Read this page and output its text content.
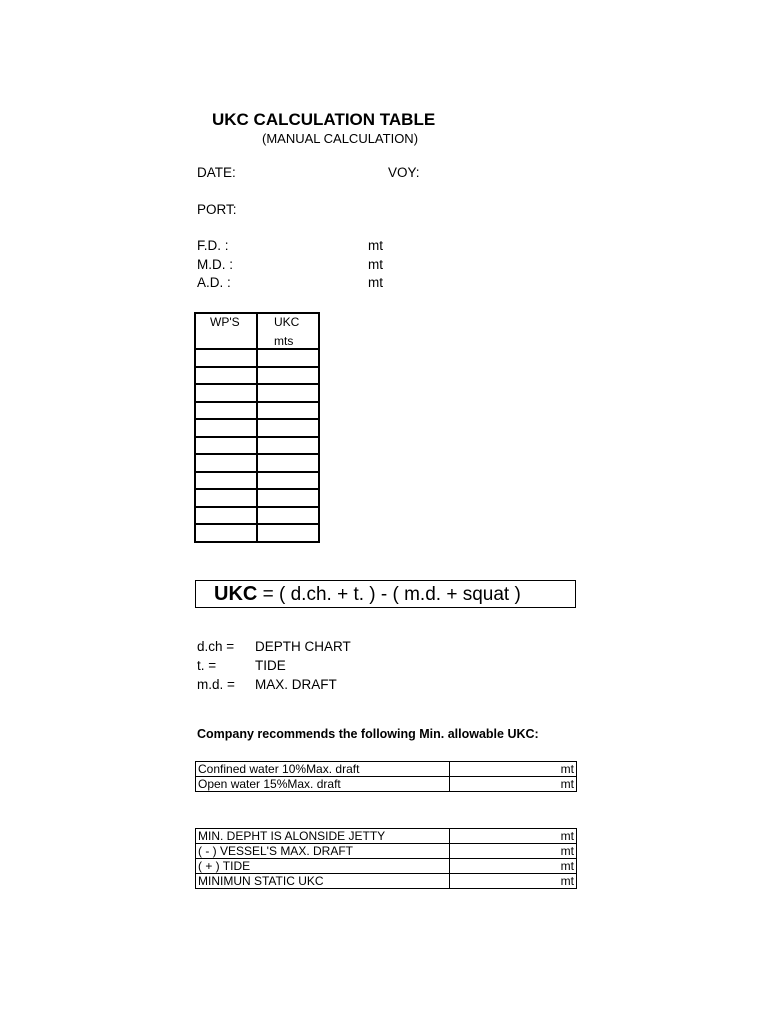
UKC CALCULATION TABLE
(MANUAL CALCULATION)
DATE:	VOY:
PORT:
F.D. :	mt
M.D. :	mt
A.D. :	mt
WP'S	UKC
mts

UKC = ( d.ch. + t. ) - ( m.d. + squat )
d.ch = DEPTH CHART
t. =	TIDE
m.d. = MAX. DRAFT
Company recommends the following Min. allowable UKC:
Confined water 10%Max. draft	mt
Open water 15%Max. draft	mt
MIN. DEPHT IS ALONSIDE JETTY	mt
( - ) VESSEL'S MAX. DRAFT	mt
( + ) TIDE	mt
MINIMUN STATIC UKC	mt
